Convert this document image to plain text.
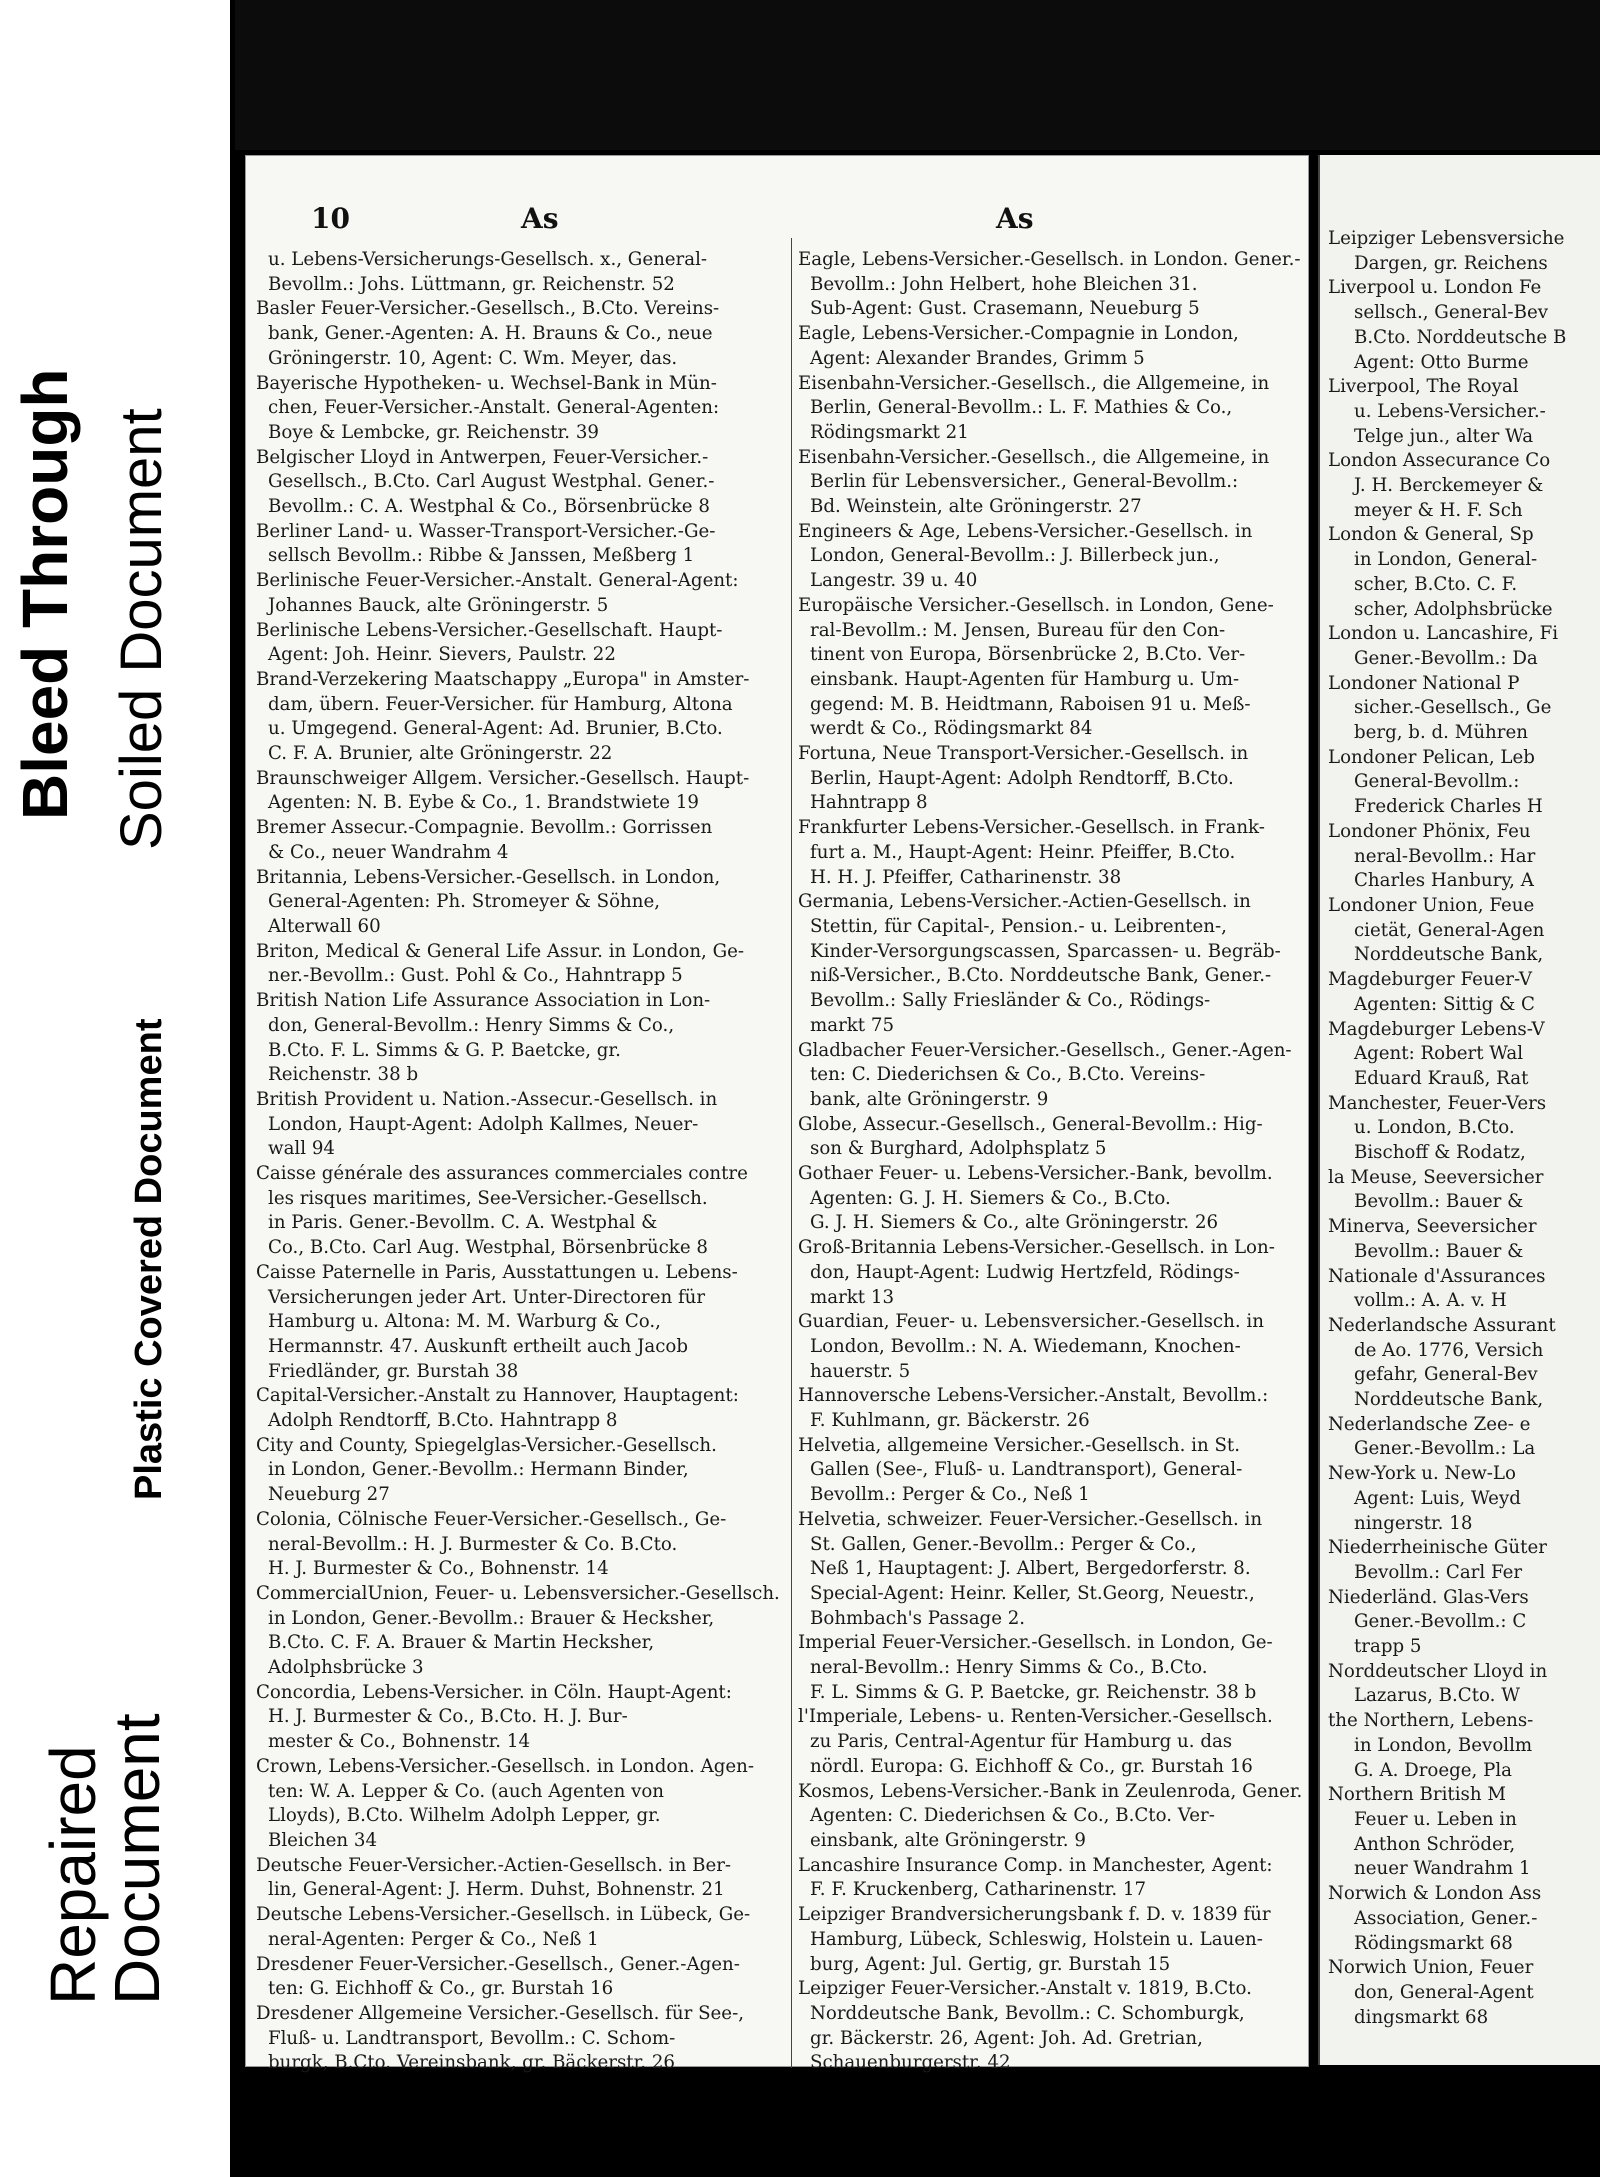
Bleed Through Soiled Document
Plastic Covered Document
Repaired
Document
10	As	As

u. Lebens-Versicherungs-Gesellsch. x., General-

Bevollm.: Johs. Lüttmann, gr. Reichenstr. 52

Basler Feuer-Versicher.-Gesellsch., B.Cto. Vereins-

bank, Gener.-Agenten: A. H. Brauns & Co., neue

Gröningerstr. 10, Agent: C. Wm. Meyer, das.

Bayerische Hypotheken- u. Wechsel-Bank in Mün-

chen, Feuer-Versicher.-Anstalt. General-Agenten:

Boye & Lembcke, gr. Reichenstr. 39

Belgischer Lloyd in Antwerpen, Feuer-Versicher.-

Gesellsch., B.Cto. Carl August Westphal. Gener.-

Bevollm.: C. A. Westphal & Co., Börsenbrücke 8

Berliner Land- u. Wasser-Transport-Versicher.-Ge-

sellsch Bevollm.: Ribbe & Janssen, Meßberg 1

Berlinische Feuer-Versicher.-Anstalt. General-Agent:

Johannes Bauck, alte Gröningerstr. 5

Berlinische Lebens-Versicher.-Gesellschaft. Haupt-

Agent: Joh. Heinr. Sievers, Paulstr. 22

Brand-Verzekering Maatschappy „Europa" in Amster-

dam, übern. Feuer-Versicher. für Hamburg, Altona

u. Umgegend. General-Agent: Ad. Brunier, B.Cto.

C. F. A. Brunier, alte Gröningerstr. 22

Braunschweiger Allgem. Versicher.-Gesellsch. Haupt-

Agenten: N. B. Eybe & Co., 1. Brandstwiete 19

Bremer Assecur.-Compagnie. Bevollm.: Gorrissen

& Co., neuer Wandrahm 4

Britannia, Lebens-Versicher.-Gesellsch. in London,

General-Agenten: Ph. Stromeyer & Söhne,

Alterwall 60

Briton, Medical & General Life Assur. in London, Ge-

ner.-Bevollm.: Gust. Pohl & Co., Hahntrapp 5

British Nation Life Assurance Association in Lon-

don, General-Bevollm.: Henry Simms & Co.,

B.Cto. F. L. Simms & G. P. Baetcke, gr.

Reichenstr. 38 b

British Provident u. Nation.-Assecur.-Gesellsch. in

London, Haupt-Agent: Adolph Kallmes, Neuer-

wall 94

Caisse générale des assurances commerciales contre

les risques maritimes, See-Versicher.-Gesellsch.

in Paris. Gener.-Bevollm. C. A. Westphal &

Co., B.Cto. Carl Aug. Westphal, Börsenbrücke 8

Caisse Paternelle in Paris, Ausstattungen u. Lebens-

Versicherungen jeder Art. Unter-Directoren für

Hamburg u. Altona: M. M. Warburg & Co.,

Hermannstr. 47. Auskunft ertheilt auch Jacob

Friedländer, gr. Burstah 38

Capital-Versicher.-Anstalt zu Hannover, Hauptagent:

Adolph Rendtorff, B.Cto. Hahntrapp 8

City and County, Spiegelglas-Versicher.-Gesellsch.

in London, Gener.-Bevollm.: Hermann Binder,

Neueburg 27

Colonia, Cölnische Feuer-Versicher.-Gesellsch., Ge-

neral-Bevollm.: H. J. Burmester & Co. B.Cto.

H. J. Burmester & Co., Bohnenstr. 14

CommercialUnion, Feuer- u. Lebensversicher.-Gesellsch.

in London, Gener.-Bevollm.: Brauer & Hecksher,

B.Cto. C. F. A. Brauer & Martin Hecksher,

Adolphsbrücke 3

Concordia, Lebens-Versicher. in Cöln. Haupt-Agent:

H. J. Burmester & Co., B.Cto. H. J. Bur-

mester & Co., Bohnenstr. 14

Crown, Lebens-Versicher.-Gesellsch. in London. Agen-

ten: W. A. Lepper & Co. (auch Agenten von

Lloyds), B.Cto. Wilhelm Adolph Lepper, gr.

Bleichen 34

Deutsche Feuer-Versicher.-Actien-Gesellsch. in Ber-

lin, General-Agent: J. Herm. Duhst, Bohnenstr. 21

Deutsche Lebens-Versicher.-Gesellsch. in Lübeck, Ge-

neral-Agenten: Perger & Co., Neß 1

Dresdener Feuer-Versicher.-Gesellsch., Gener.-Agen-

ten: G. Eichhoff & Co., gr. Burstah 16

Dresdener Allgemeine Versicher.-Gesellsch. für See-,

Fluß- u. Landtransport, Bevollm.: C. Schom-

burgk, B.Cto. Vereinsbank, gr. Bäckerstr. 26

Eagle, Lebens-Versicher.-Gesellsch. in London. Gener.-

Bevollm.: John Helbert, hohe Bleichen 31.

Sub-Agent: Gust. Crasemann, Neueburg 5

Eagle, Lebens-Versicher.-Compagnie in London,

Agent: Alexander Brandes, Grimm 5

Eisenbahn-Versicher.-Gesellsch., die Allgemeine, in

Berlin, General-Bevollm.: L. F. Mathies & Co.,

Rödingsmarkt 21

Eisenbahn-Versicher.-Gesellsch., die Allgemeine, in

Berlin für Lebensversicher., General-Bevollm.:

Bd. Weinstein, alte Gröningerstr. 27

Engineers & Age, Lebens-Versicher.-Gesellsch. in

London, General-Bevollm.: J. Billerbeck jun.,

Langestr. 39 u. 40

Europäische Versicher.-Gesellsch. in London, Gene-

ral-Bevollm.: M. Jensen, Bureau für den Con-

tinent von Europa, Börsenbrücke 2, B.Cto. Ver-

einsbank. Haupt-Agenten für Hamburg u. Um-

gegend: M. B. Heidtmann, Raboisen 91 u. Meß-

werdt & Co., Rödingsmarkt 84

Fortuna, Neue Transport-Versicher.-Gesellsch. in

Berlin, Haupt-Agent: Adolph Rendtorff, B.Cto.

Hahntrapp 8

Frankfurter Lebens-Versicher.-Gesellsch. in Frank-

furt a. M., Haupt-Agent: Heinr. Pfeiffer, B.Cto.

H. H. J. Pfeiffer, Catharinenstr. 38

Germania, Lebens-Versicher.-Actien-Gesellsch. in

Stettin, für Capital-, Pension.- u. Leibrenten-,

Kinder-Versorgungscassen, Sparcassen- u. Begräb-

niß-Versicher., B.Cto. Norddeutsche Bank, Gener.-

Bevollm.: Sally Friesländer & Co., Rödings-

markt 75

Gladbacher Feuer-Versicher.-Gesellsch., Gener.-Agen-

ten: C. Diederichsen & Co., B.Cto. Vereins-

bank, alte Gröningerstr. 9

Globe, Assecur.-Gesellsch., General-Bevollm.: Hig-

son & Burghard, Adolphsplatz 5

Gothaer Feuer- u. Lebens-Versicher.-Bank, bevollm.

Agenten: G. J. H. Siemers & Co., B.Cto.

G. J. H. Siemers & Co., alte Gröningerstr. 26

Groß-Britannia Lebens-Versicher.-Gesellsch. in Lon-

don, Haupt-Agent: Ludwig Hertzfeld, Rödings-

markt 13

Guardian, Feuer- u. Lebensversicher.-Gesellsch. in

London, Bevollm.: N. A. Wiedemann, Knochen-

hauerstr. 5

Hannoversche Lebens-Versicher.-Anstalt, Bevollm.:

F. Kuhlmann, gr. Bäckerstr. 26

Helvetia, allgemeine Versicher.-Gesellsch. in St.

Gallen (See-, Fluß- u. Landtransport), General-

Bevollm.: Perger & Co., Neß 1

Helvetia, schweizer. Feuer-Versicher.-Gesellsch. in

St. Gallen, Gener.-Bevollm.: Perger & Co.,

Neß 1, Hauptagent: J. Albert, Bergedorferstr. 8.

Special-Agent: Heinr. Keller, St.Georg, Neuestr.,

Bohmbach's Passage 2.

Imperial Feuer-Versicher.-Gesellsch. in London, Ge-

neral-Bevollm.: Henry Simms & Co., B.Cto.

F. L. Simms & G. P. Baetcke, gr. Reichenstr. 38 b

l'Imperiale, Lebens- u. Renten-Versicher.-Gesellsch.

zu Paris, Central-Agentur für Hamburg u. das

nördl. Europa: G. Eichhoff & Co., gr. Burstah 16

Kosmos, Lebens-Versicher.-Bank in Zeulenroda, Gener.

Agenten: C. Diederichsen & Co., B.Cto. Ver-

einsbank, alte Gröningerstr. 9

Lancashire Insurance Comp. in Manchester, Agent:

F. F. Kruckenberg, Catharinenstr. 17

Leipziger Brandversicherungsbank f. D. v. 1839 für

Hamburg, Lübeck, Schleswig, Holstein u. Lauen-

burg, Agent: Jul. Gertig, gr. Burstah 15

Leipziger Feuer-Versicher.-Anstalt v. 1819, B.Cto.

Norddeutsche Bank, Bevollm.: C. Schomburgk,

gr. Bäckerstr. 26, Agent: Joh. Ad. Gretrian,

Schauenburgerstr. 42

Leipziger Lebensversiche

Dargen, gr. Reichens

Liverpool u. London Fe

sellsch., General-Bev

B.Cto. Norddeutsche B

Agent: Otto Burme

Liverpool, The Royal

u. Lebens-Versicher.-

Telge jun., alter Wa

London Assecurance Co

J. H. Berckemeyer &

meyer & H. F. Sch

London & General, Sp

in London, General-

scher, B.Cto. C. F.

scher, Adolphsbrücke

London u. Lancashire, Fi

Gener.-Bevollm.: Da

Londoner National P

sicher.-Gesellsch., Ge

berg, b. d. Mühren

Londoner Pelican, Leb

General-Bevollm.:

Frederick Charles H

Londoner Phönix, Feu

neral-Bevollm.: Har

Charles Hanbury, A

Londoner Union, Feue

cietät, General-Agen

Norddeutsche Bank,

Magdeburger Feuer-V

Agenten: Sittig & C

Magdeburger Lebens-V

Agent: Robert Wal

Eduard Krauß, Rat

Manchester, Feuer-Vers

u. London, B.Cto.

Bischoff & Rodatz,

la Meuse, Seeversicher

Bevollm.: Bauer &

Minerva, Seeversicher

Bevollm.: Bauer &

Nationale d'Assurances

vollm.: A. A. v. H

Nederlandsche Assurant

de Ao. 1776, Versich

gefahr, General-Bev

Norddeutsche Bank,

Nederlandsche Zee- e

Gener.-Bevollm.: La

New-York u. New-Lo

Agent: Luis, Weyd

ningerstr. 18

Niederrheinische Güter

Bevollm.: Carl Fer

Niederländ. Glas-Vers

Gener.-Bevollm.: C

trapp 5

Norddeutscher Lloyd in

Lazarus, B.Cto. W

the Northern, Lebens-

in London, Bevollm

G. A. Droege, Pla

Northern British M

Feuer u. Leben in

Anthon Schröder,

neuer Wandrahm 1

Norwich & London Ass

Association, Gener.-

Rödingsmarkt 68

Norwich Union, Feuer

don, General-Agent

dingsmarkt 68
